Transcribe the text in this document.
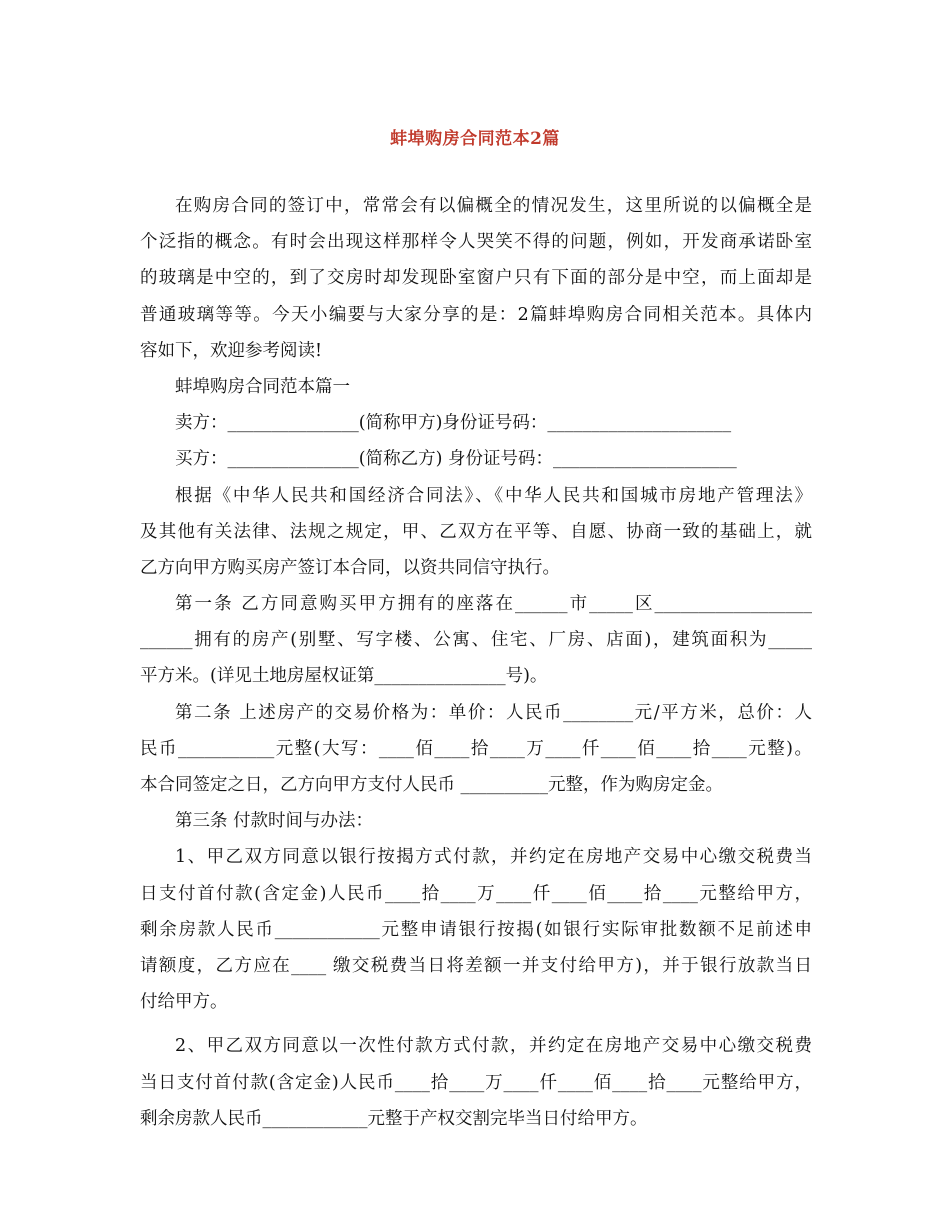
蚌埠购房合同范本2篇
在购房合同的签订中，常常会有以偏概全的情况发生，这里所说的以偏概全是
个泛指的概念。有时会出现这样那样令人哭笑不得的问题，例如，开发商承诺卧室
的玻璃是中空的，到了交房时却发现卧室窗户只有下面的部分是中空，而上面却是
普通玻璃等等。今天小编要与大家分享的是：2篇蚌埠购房合同相关范本。具体内
容如下，欢迎参考阅读!
蚌埠购房合同范本篇一
卖方：_______________(简称甲方)身份证号码：_____________________
买方：_______________(简称乙方) 身份证号码：_____________________
根据《中华人民共和国经济合同法》、《中华人民共和国城市房地产管理法》
及其他有关法律、法规之规定，甲、乙双方在平等、自愿、协商一致的基础上，就
乙方向甲方购买房产签订本合同，以资共同信守执行。
第一条 乙方同意购买甲方拥有的座落在______市_____区__________________
______拥有的房产(别墅、写字楼、公寓、住宅、厂房、店面)，建筑面积为_____
平方米。(详见土地房屋权证第_______________号)。
第二条 上述房产的交易价格为：单价：人民币________元/平方米，总价：人
民币___________元整(大写：____佰____拾____万____仟____佰____拾____元整)。
本合同签定之日，乙方向甲方支付人民币 __________元整，作为购房定金。
第三条 付款时间与办法：
1、甲乙双方同意以银行按揭方式付款，并约定在房地产交易中心缴交税费当
日支付首付款(含定金)人民币____拾____万____仟____佰____拾____元整给甲方，
剩余房款人民币____________元整申请银行按揭(如银行实际审批数额不足前述申
请额度，乙方应在____ 缴交税费当日将差额一并支付给甲方)，并于银行放款当日
付给甲方。
2、甲乙双方同意以一次性付款方式付款，并约定在房地产交易中心缴交税费
当日支付首付款(含定金)人民币____拾____万____仟____佰____拾____元整给甲方，
剩余房款人民币____________元整于产权交割完毕当日付给甲方。
